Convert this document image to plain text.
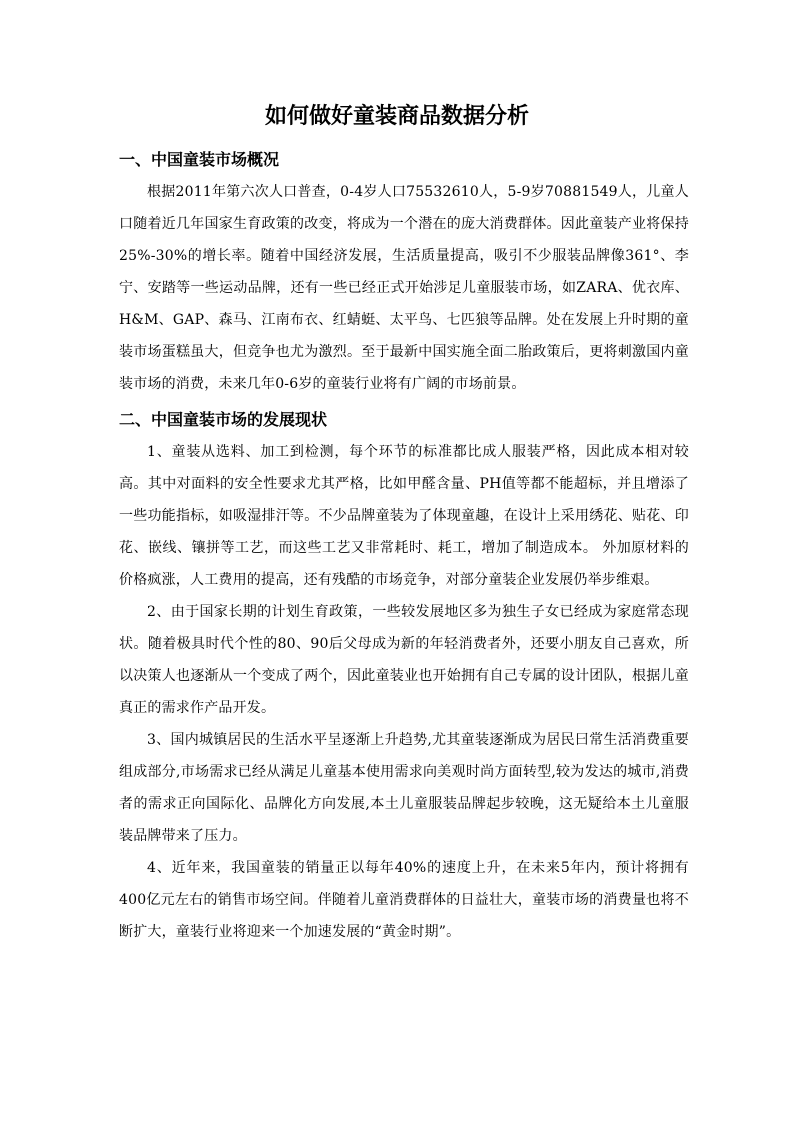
如何做好童装商品数据分析
一、中国童装市场概况

根据2011年第六次人口普查，0-4岁人口75532610人，5-9岁70881549人，儿童人口随着近几年国家生育政策的改变，将成为一个潜在的庞大消费群体。因此童装产业将保持25%-30%的增长率。随着中国经济发展，生活质量提高，吸引不少服装品牌像361°、李宁、安踏等一些运动品牌，还有一些已经正式开始涉足儿童服装市场，如ZARA、优衣库、H&M、GAP、森马、江南布衣、红蜻蜓、太平鸟、七匹狼等品牌。处在发展上升时期的童装市场蛋糕虽大，但竞争也尤为激烈。至于最新中国实施全面二胎政策后，更将刺激国内童装市场的消费，未来几年0-6岁的童装行业将有广阔的市场前景。

二、中国童装市场的发展现状

1、童装从选料、加工到检测，每个环节的标准都比成人服装严格，因此成本相对较高。其中对面料的安全性要求尤其严格，比如甲醛含量、PH值等都不能超标，并且增添了一些功能指标，如吸湿排汗等。不少品牌童装为了体现童趣，在设计上采用绣花、贴花、印花、嵌线、镶拼等工艺，而这些工艺又非常耗时、耗工，增加了制造成本。 外加原材料的价格疯涨，人工费用的提高，还有残酷的市场竞争，对部分童装企业发展仍举步维艰。

2、由于国家长期的计划生育政策，一些较发展地区多为独生子女已经成为家庭常态现状。随着极具时代个性的80、90后父母成为新的年轻消费者外，还要小朋友自己喜欢，所以决策人也逐渐从一个变成了两个，因此童装业也开始拥有自己专属的设计团队，根据儿童真正的需求作产品开发。

3、国内城镇居民的生活水平呈逐渐上升趋势,尤其童装逐渐成为居民曰常生活消费重要组成部分,市场需求已经从满足儿童基本使用需求向美观时尚方面转型,较为发达的城市,消费者的需求正向国际化、品牌化方向发展,本土儿童服装品牌起步较晚，这无疑给本土儿童服装品牌带来了压力。

4、近年来，我国童装的销量正以每年40%的速度上升，在未来5年内，预计将拥有400亿元左右的销售市场空间。伴随着儿童消费群体的日益壮大，童装市场的消费量也将不断扩大，童装行业将迎来一个加速发展的“黄金时期”。
